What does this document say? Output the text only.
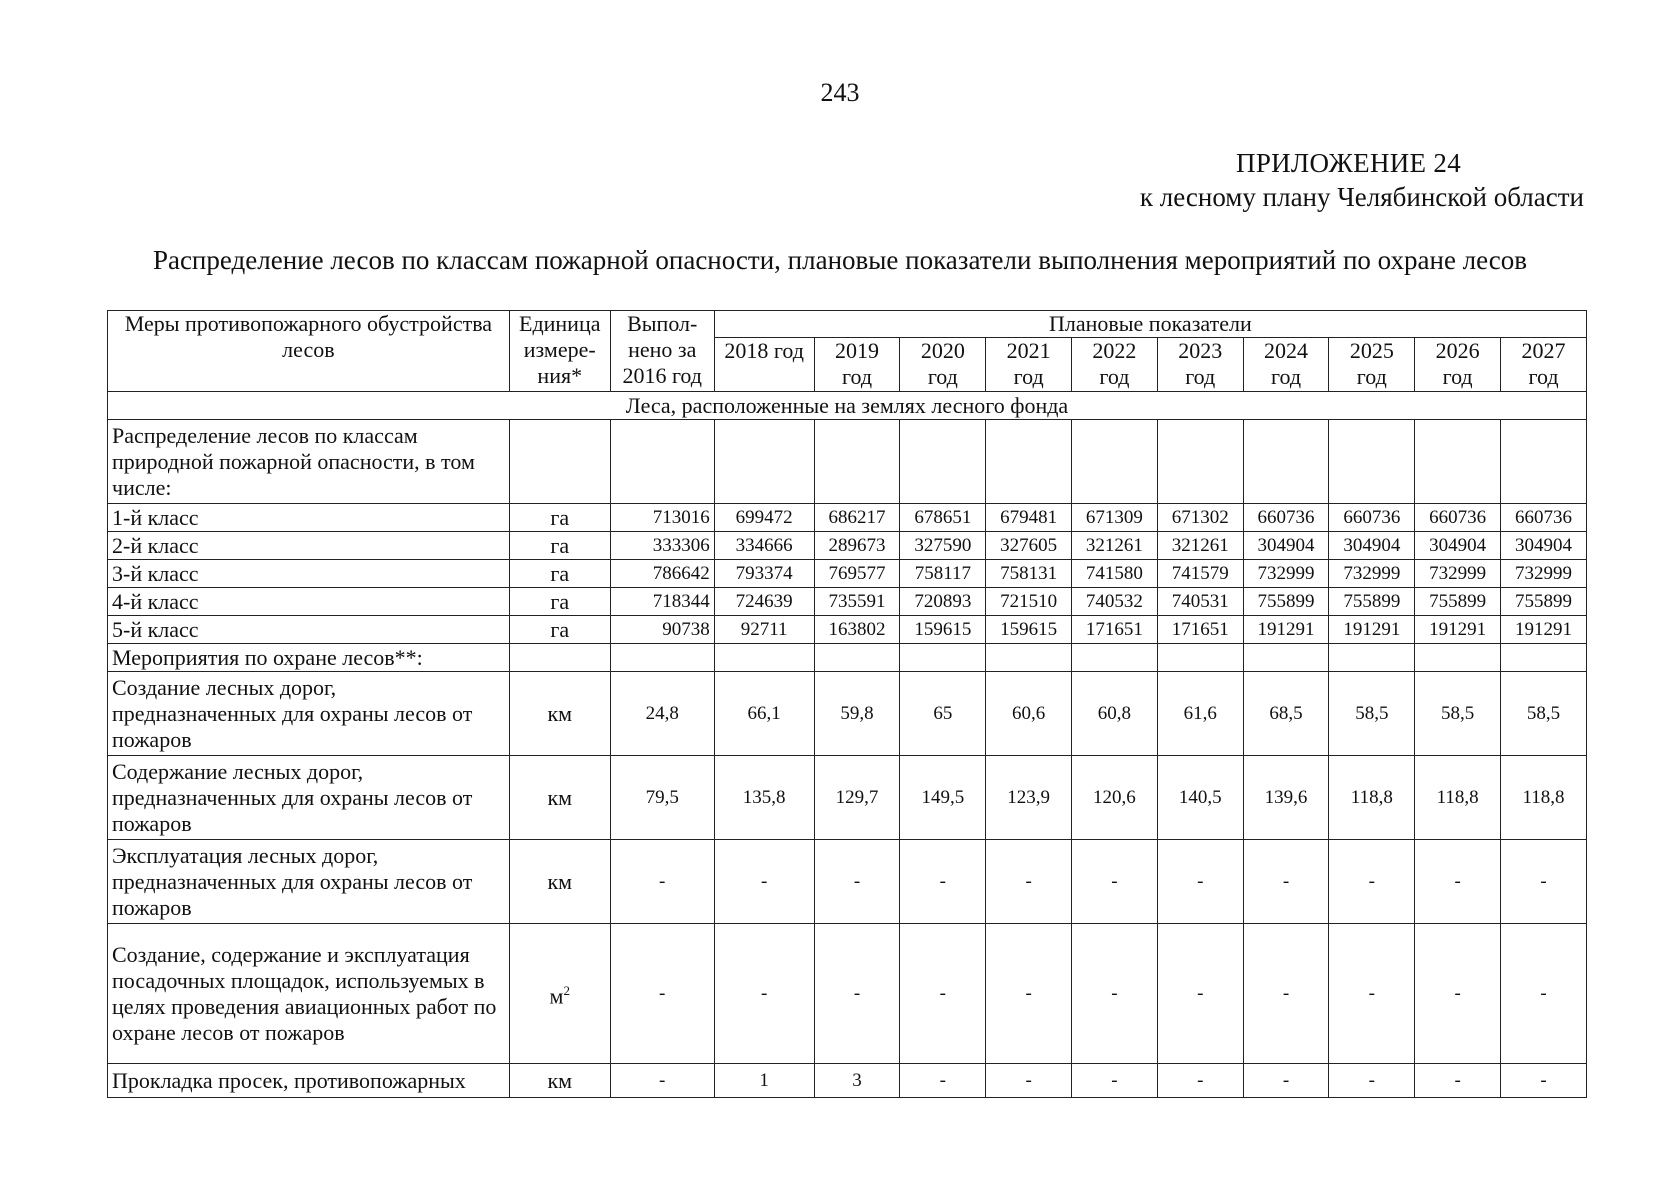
243
ПРИЛОЖЕНИЕ 24
к лесному плану Челябинской области
Распределение лесов по классам пожарной опасности, плановые показатели выполнения мероприятий по охране лесов
Меры противопожарного обустройства лесов	Единица измере-ния*	Выпол-нено за 2016 год	Плановые показатели									
			2018 год	2019 год	2020 год	2021 год	2022 год	2023 год	2024 год	2025 год	2026 год	2027 год
Леса, расположенные на землях лесного фонда												
Распределение лесов по классам природной пожарной опасности, в том числе:												
1-й класс	га	713016	699472	686217	678651	679481	671309	671302	660736	660736	660736	660736
2-й класс	га	333306	334666	289673	327590	327605	321261	321261	304904	304904	304904	304904
3-й класс	га	786642	793374	769577	758117	758131	741580	741579	732999	732999	732999	732999
4-й класс	га	718344	724639	735591	720893	721510	740532	740531	755899	755899	755899	755899
5-й класс	га	90738	92711	163802	159615	159615	171651	171651	191291	191291	191291	191291
Мероприятия по охране лесов**:												
Создание лесных дорог, предназначенных для охраны лесов от пожаров	км	24,8	66,1	59,8	65	60,6	60,8	61,6	68,5	58,5	58,5	58,5
Содержание лесных дорог, предназначенных для охраны лесов от пожаров	км	79,5	135,8	129,7	149,5	123,9	120,6	140,5	139,6	118,8	118,8	118,8
Эксплуатация лесных дорог, предназначенных для охраны лесов от пожаров	км	-	-	-	-	-	-	-	-	-	-	-
Создание, содержание и эксплуатация посадочных площадок, используемых в целях проведения авиационных работ по охране лесов от пожаров	$м^2$	-	-	-	-	-	-	-	-	-	-	-
Прокладка просек, противопожарных	км	-	1	3	-	-	-	-	-	-	-	-
